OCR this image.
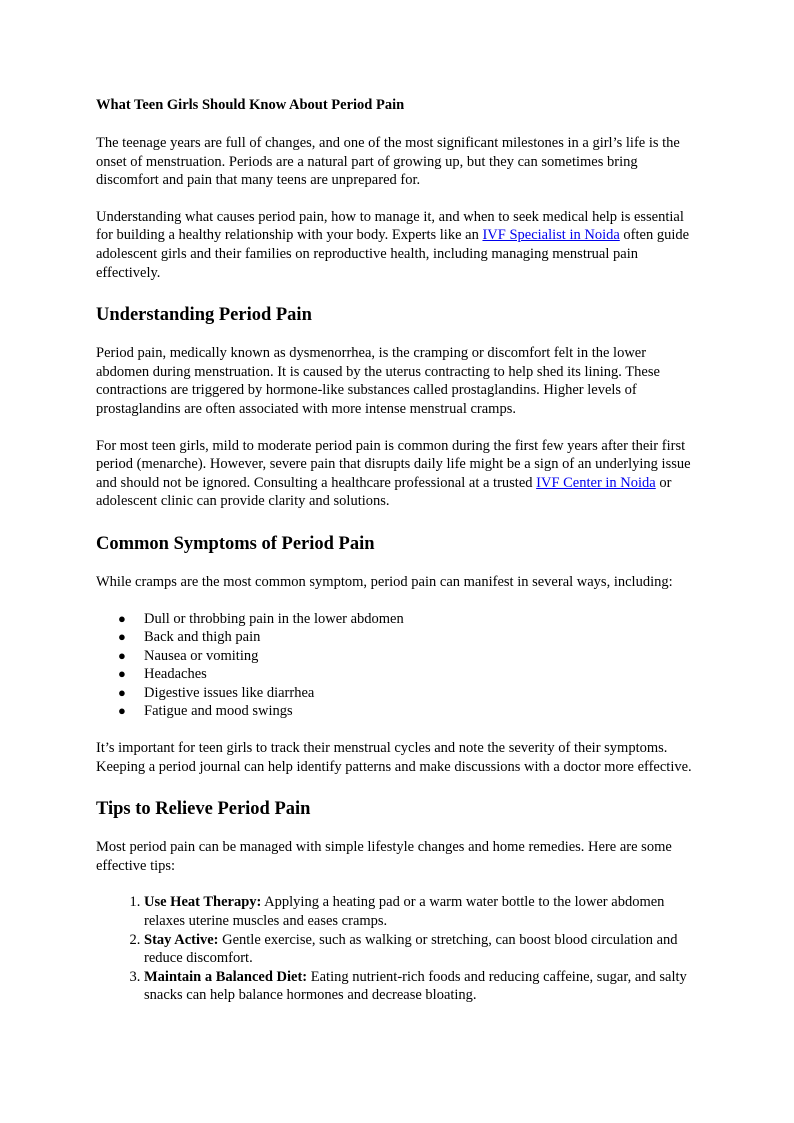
What Teen Girls Should Know About Period Pain

The teenage years are full of changes, and one of the most significant milestones in a girl’s life is the onset of menstruation. Periods are a natural part of growing up, but they can sometimes bring discomfort and pain that many teens are unprepared for.

Understanding what causes period pain, how to manage it, and when to seek medical help is essential for building a healthy relationship with your body. Experts like an IVF Specialist in Noida often guide adolescent girls and their families on reproductive health, including managing menstrual pain effectively.

Understanding Period Pain

Period pain, medically known as dysmenorrhea, is the cramping or discomfort felt in the lower abdomen during menstruation. It is caused by the uterus contracting to help shed its lining. These contractions are triggered by hormone-like substances called prostaglandins. Higher levels of prostaglandins are often associated with more intense menstrual cramps.

For most teen girls, mild to moderate period pain is common during the first few years after their first period (menarche). However, severe pain that disrupts daily life might be a sign of an underlying issue and should not be ignored. Consulting a healthcare professional at a trusted IVF Center in Noida or adolescent clinic can provide clarity and solutions.

Common Symptoms of Period Pain

While cramps are the most common symptom, period pain can manifest in several ways, including:

● Dull or throbbing pain in the lower abdomen
● Back and thigh pain
● Nausea or vomiting
● Headaches
● Digestive issues like diarrhea
● Fatigue and mood swings

It’s important for teen girls to track their menstrual cycles and note the severity of their symptoms. Keeping a period journal can help identify patterns and make discussions with a doctor more effective.

Tips to Relieve Period Pain

Most period pain can be managed with simple lifestyle changes and home remedies. Here are some effective tips:

1. Use Heat Therapy: Applying a heating pad or a warm water bottle to the lower abdomen relaxes uterine muscles and eases cramps.
2. Stay Active: Gentle exercise, such as walking or stretching, can boost blood circulation and reduce discomfort.
3. Maintain a Balanced Diet: Eating nutrient-rich foods and reducing caffeine, sugar, and salty snacks can help balance hormones and decrease bloating.
